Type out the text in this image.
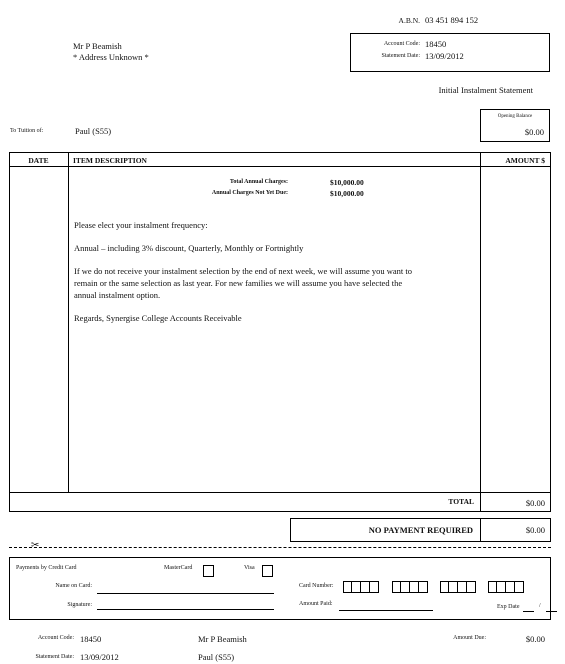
A.B.N. 03 451 894 152
Mr P Beamish
* Address Unknown *
Account Code: 18450
Statement Date: 13/09/2012
Initial Instalment Statement
Opening Balance
$0.00
To Tuition of:	Paul (S55)
DATE	ITEM DESCRIPTION	AMOUNT $
Total Annual Charges:	$10,000.00
Annual Charges Not Yet Due:	$10,000.00
Please elect your instalment frequency:
Annual – including 3% discount, Quarterly, Monthly or Fortnightly
If we do not receive your instalment selection by the end of next week, we will assume you want to
remain or the same selection as last year. For new families we will assume you have selected the
annual instalment option.
Regards, Synergise College Accounts Receivable
TOTAL	$0.00
NO PAYMENT REQUIRED	$0.00
✂
Payments by Credit Card	MasterCard	Visa
Name on Card:	Card Number:
Signature:	Amount Paid:	Exp Date	/
Account Code: 18450
Statement Date: 13/09/2012
Mr P Beamish
Paul (S55)
Amount Due:	$0.00
